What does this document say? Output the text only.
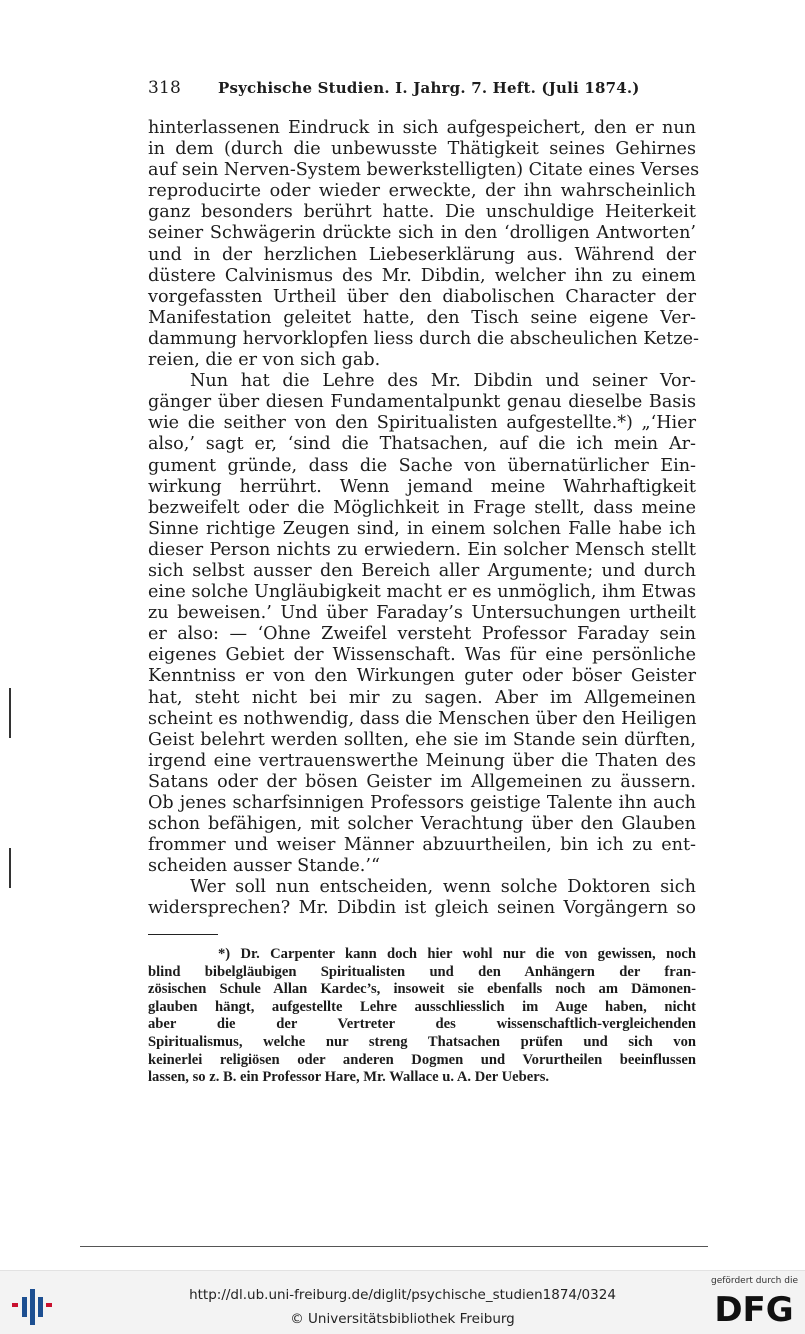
318 Psychische Studien. I. Jahrg. 7. Heft. (Juli 1874.)
hinterlassenen Eindruck in sich aufgespeichert, den er nun
in dem (durch die unbewusste Thätigkeit seines Gehirnes
auf sein Nerven-System bewerkstelligten) Citate eines Verses
reproducirte oder wieder erweckte, der ihn wahrscheinlich
ganz besonders berührt hatte. Die unschuldige Heiterkeit
seiner Schwägerin drückte sich in den ‘drolligen Antworten’
und in der herzlichen Liebeserklärung aus. Während der
düstere Calvinismus des Mr. Dibdin, welcher ihn zu einem
vorgefassten Urtheil über den diabolischen Character der
Manifestation geleitet hatte, den Tisch seine eigene Ver-
dammung hervorklopfen liess durch die abscheulichen Ketze-
reien, die er von sich gab.
Nun hat die Lehre des Mr. Dibdin und seiner Vor-
gänger über diesen Fundamentalpunkt genau dieselbe Basis
wie die seither von den Spiritualisten aufgestellte.*) „‘Hier
also,’ sagt er, ‘sind die Thatsachen, auf die ich mein Ar-
gument gründe, dass die Sache von übernatürlicher Ein-
wirkung herrührt. Wenn jemand meine Wahrhaftigkeit
bezweifelt oder die Möglichkeit in Frage stellt, dass meine
Sinne richtige Zeugen sind, in einem solchen Falle habe ich
dieser Person nichts zu erwiedern. Ein solcher Mensch stellt
sich selbst ausser den Bereich aller Argumente; und durch
eine solche Ungläubigkeit macht er es unmöglich, ihm Etwas
zu beweisen.’ Und über Faraday’s Untersuchungen urtheilt
er also: — ‘Ohne Zweifel versteht Professor Faraday sein
eigenes Gebiet der Wissenschaft. Was für eine persönliche
Kenntniss er von den Wirkungen guter oder böser Geister
hat, steht nicht bei mir zu sagen. Aber im Allgemeinen
scheint es nothwendig, dass die Menschen über den Heiligen
Geist belehrt werden sollten, ehe sie im Stande sein dürften,
irgend eine vertrauenswerthe Meinung über die Thaten des
Satans oder der bösen Geister im Allgemeinen zu äussern.
Ob jenes scharfsinnigen Professors geistige Talente ihn auch
schon befähigen, mit solcher Verachtung über den Glauben
frommer und weiser Männer abzuurtheilen, bin ich zu ent-
scheiden ausser Stande.’“
Wer soll nun entscheiden, wenn solche Doktoren sich
widersprechen? Mr. Dibdin ist gleich seinen Vorgängern so
*) Dr. Carpenter kann doch hier wohl nur die von gewissen, noch
blind bibelgläubigen Spiritualisten und den Anhängern der fran-
zösischen Schule Allan Kardec’s, insoweit sie ebenfalls noch am Dämonen-
glauben hängt, aufgestellte Lehre ausschliesslich im Auge haben, nicht
aber die der Vertreter des wissenschaftlich-vergleichenden
Spiritualismus, welche nur streng Thatsachen prüfen und sich von
keinerlei religiösen oder anderen Dogmen und Vorurtheilen beeinflussen
lassen, so z. B. ein Professor Hare, Mr. Wallace u. A. Der Uebers.
http://dl.ub.uni-freiburg.de/diglit/psychische_studien1874/0324
© Universitätsbibliothek Freiburg
gefördert durch die
DFG
